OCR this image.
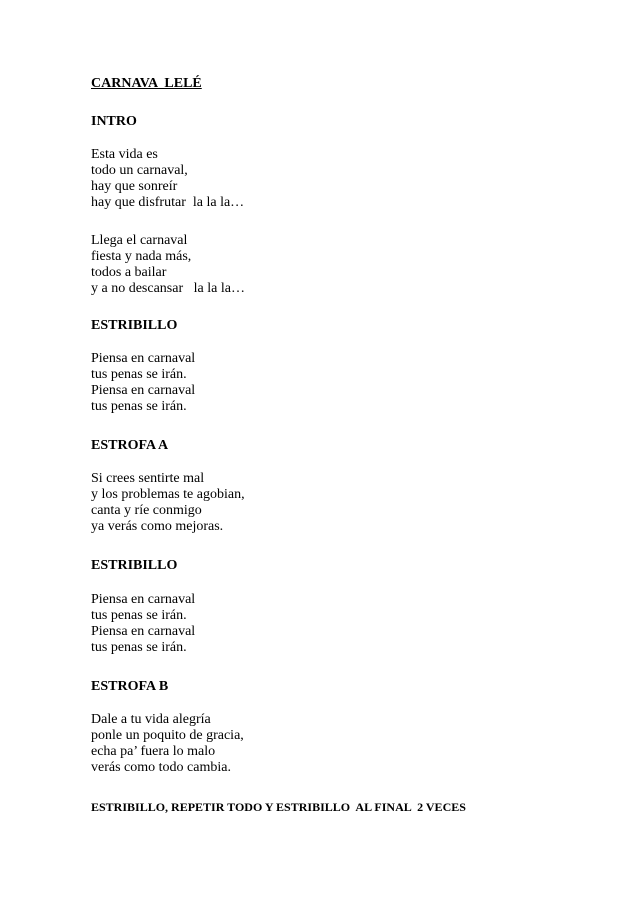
CARNAVA  LELÉ
INTRO
Esta vida es
todo un carnaval,
hay que sonreír
hay que disfrutar  la la la…
Llega el carnaval
fiesta y nada más,
todos a bailar
y a no descansar   la la la…
ESTRIBILLO
Piensa en carnaval
tus penas se irán.
Piensa en carnaval
tus penas se irán.
ESTROFA A
Si crees sentirte mal
y los problemas te agobian,
canta y ríe conmigo
ya verás como mejoras.
ESTRIBILLO
Piensa en carnaval
tus penas se irán.
Piensa en carnaval
tus penas se irán.
ESTROFA B
Dale a tu vida alegría
ponle un poquito de gracia,
echa pa’ fuera lo malo
verás como todo cambia.
ESTRIBILLO, REPETIR TODO Y ESTRIBILLO  AL FINAL  2 VECES
